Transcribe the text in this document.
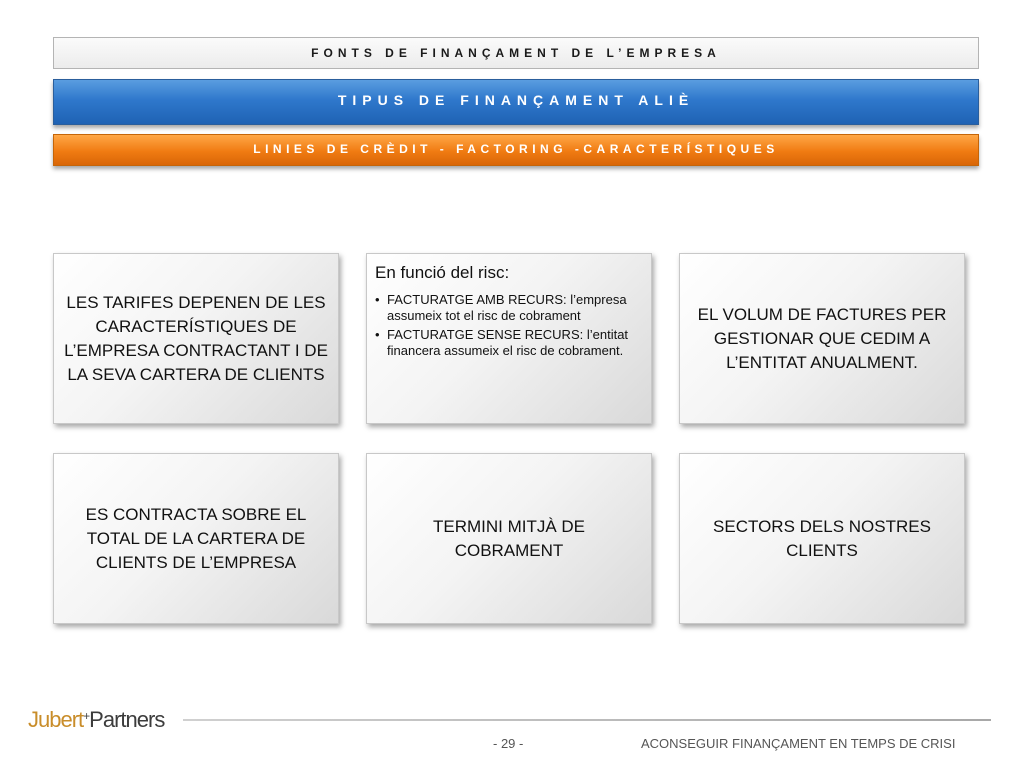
FONTS DE FINANÇAMENT DE L’EMPRESA
TIPUS DE FINANÇAMENT ALIÈ
LINIES DE CRÈDIT - FACTORING -CARACTERÍSTIQUES
LES TARIFES DEPENEN DE LES CARACTERÍSTIQUES DE L’EMPRESA CONTRACTANT I DE LA SEVA CARTERA DE CLIENTS
En funció del risc:
• FACTURATGE AMB RECURS: l’empresa assumeix tot el risc de cobrament
• FACTURATGE SENSE RECURS: l’entitat financera assumeix el risc de cobrament.
EL VOLUM DE FACTURES PER GESTIONAR QUE CEDIM A L’ENTITAT ANUALMENT.
ES CONTRACTA SOBRE EL TOTAL DE LA CARTERA DE CLIENTS DE L’EMPRESA
TERMINI MITJÀ DE COBRAMENT
SECTORS DELS NOSTRES CLIENTS
Jubert+Partners
- 29 -	ACONSEGUIR FINANÇAMENT EN TEMPS DE CRISI
